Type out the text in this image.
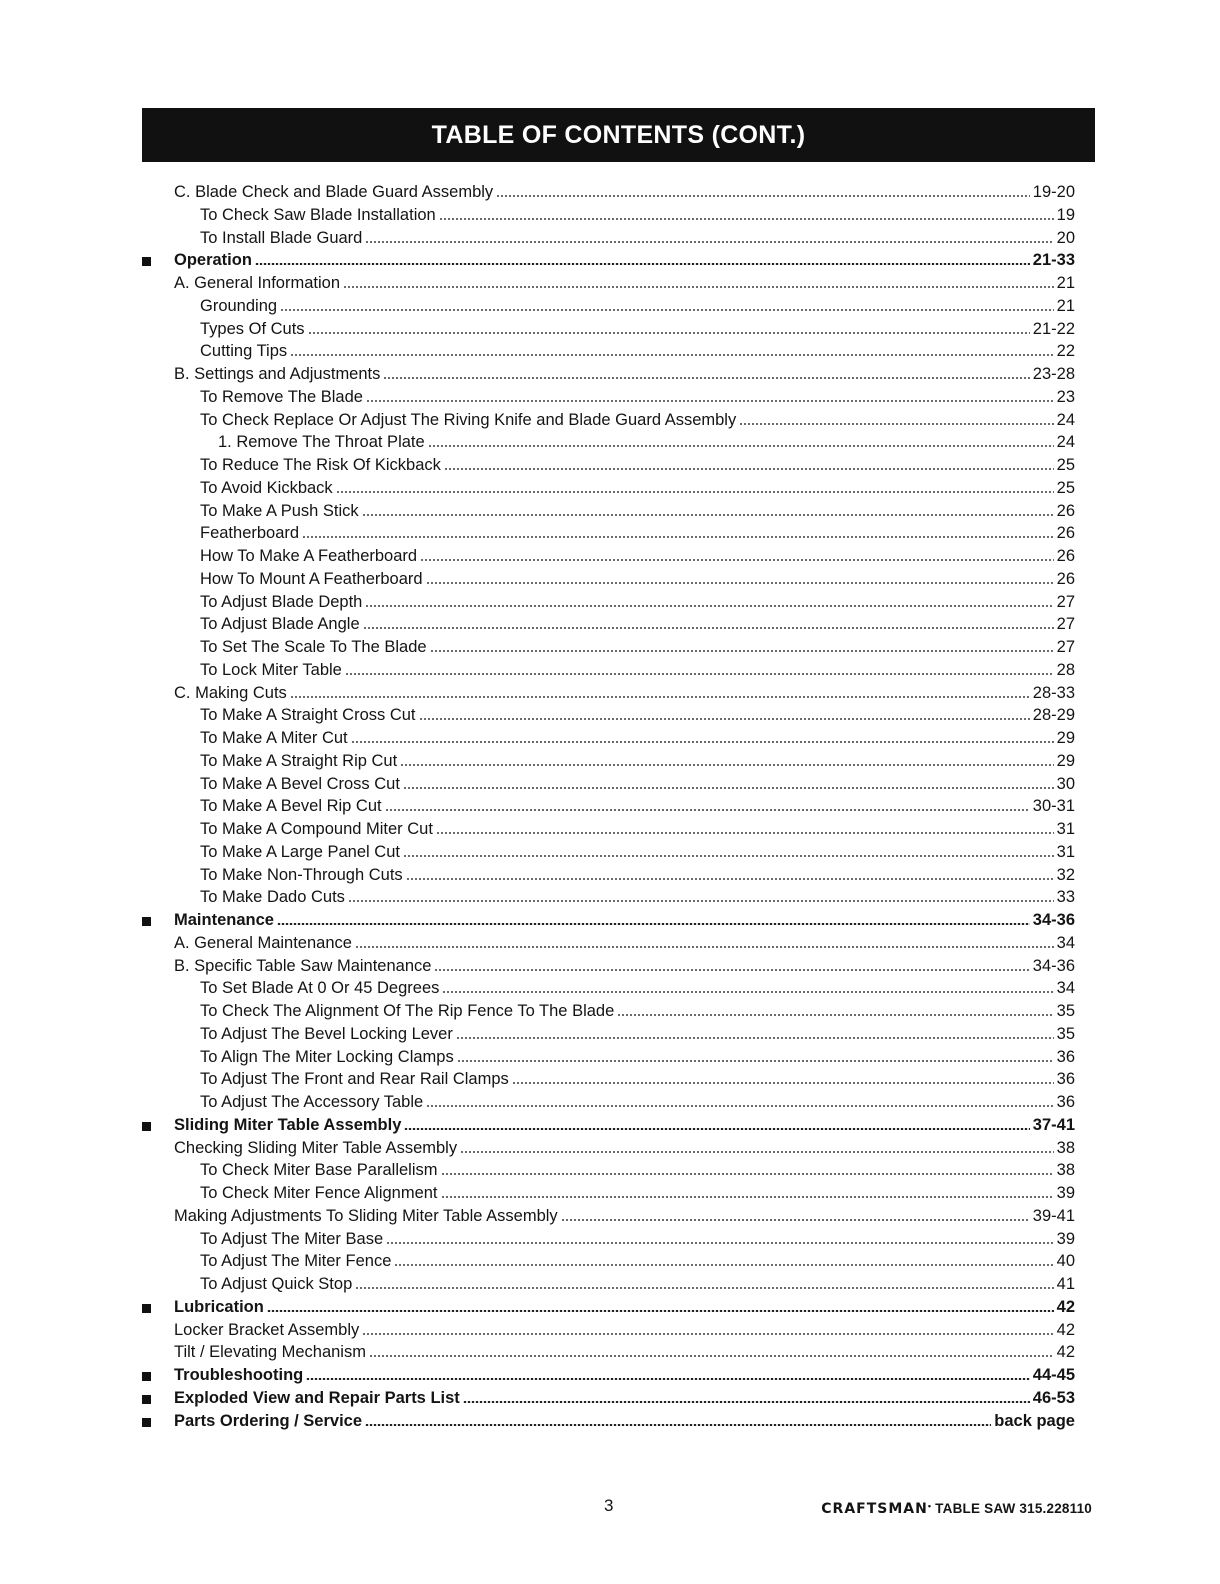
TABLE OF CONTENTS (CONT.)
C. Blade Check and Blade Guard Assembly	19-20
To Check Saw Blade Installation	19
To Install Blade Guard	20
Operation	21-33
A. General Information	21
Grounding	21
Types Of Cuts	21-22
Cutting Tips	22
B. Settings and Adjustments	23-28
To Remove The Blade	23
To Check Replace Or Adjust The Riving Knife and Blade Guard Assembly	24
1. Remove The Throat Plate	24
To Reduce The Risk Of Kickback	25
To Avoid Kickback	25
To Make A Push Stick	26
Featherboard	26
How To Make A Featherboard	26
How To Mount A Featherboard	26
To Adjust Blade Depth	27
To Adjust Blade Angle	27
To Set The Scale To The Blade	27
To Lock Miter Table	28
C. Making Cuts	28-33
To Make A Straight Cross Cut	28-29
To Make A Miter Cut	29
To Make A Straight Rip Cut	29
To Make A Bevel Cross Cut	30
To Make A Bevel Rip Cut	30-31
To Make A Compound Miter Cut	31
To Make A Large Panel Cut	31
To Make Non-Through Cuts	32
To Make Dado Cuts	33
Maintenance	34-36
A. General Maintenance	34
B. Specific Table Saw Maintenance	34-36
To Set Blade At 0 Or 45 Degrees	34
To Check The Alignment Of The Rip Fence To The Blade	35
To Adjust The Bevel Locking Lever	35
To Align The Miter Locking Clamps	36
To Adjust The Front and Rear Rail Clamps	36
To Adjust The Accessory Table	36
Sliding Miter Table Assembly	37-41
Checking Sliding Miter Table Assembly	38
To Check Miter Base Parallelism	38
To Check Miter Fence Alignment	39
Making Adjustments To Sliding Miter Table Assembly	39-41
To Adjust The Miter Base	39
To Adjust The Miter Fence	40
To Adjust Quick Stop	41
Lubrication	42
Locker Bracket Assembly	42
Tilt / Elevating Mechanism	42
Troubleshooting	44-45
Exploded View and Repair Parts List	46-53
Parts Ordering / Service	back page
3	CRAFTSMAN• TABLE SAW 315.228110
